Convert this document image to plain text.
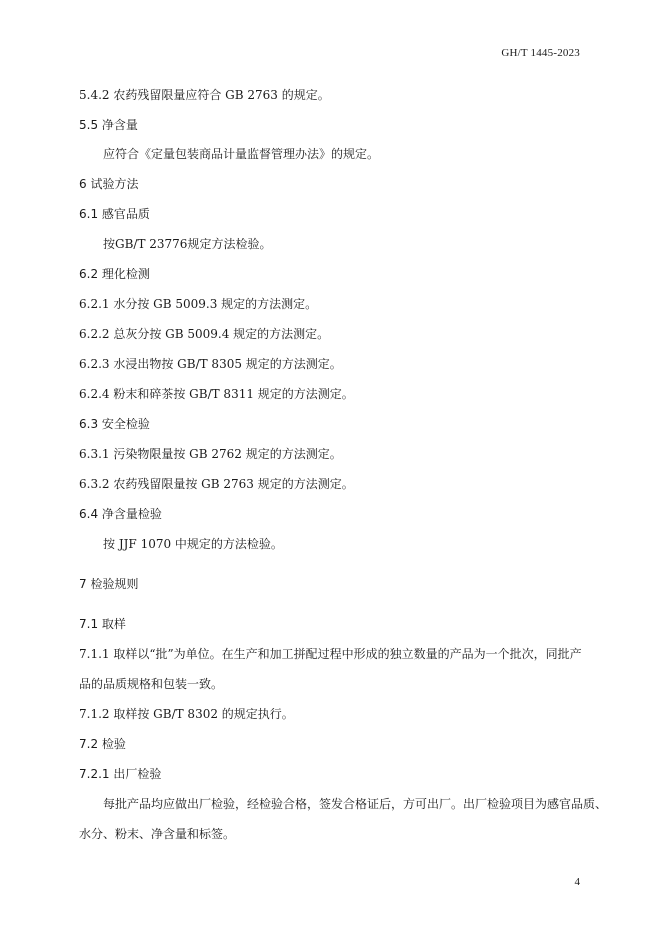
GH/T 1445-2023
5.4.2 农药残留限量应符合 GB 2763 的规定。
5.5 净含量
应符合《定量包装商品计量监督管理办法》的规定。
6 试验方法
6.1 感官品质
按GB/T 23776规定方法检验。
6.2 理化检测
6.2.1 水分按 GB 5009.3 规定的方法测定。
6.2.2 总灰分按 GB 5009.4 规定的方法测定。
6.2.3 水浸出物按 GB/T 8305 规定的方法测定。
6.2.4 粉末和碎茶按 GB/T 8311 规定的方法测定。
6.3 安全检验
6.3.1 污染物限量按 GB 2762 规定的方法测定。
6.3.2 农药残留限量按 GB 2763 规定的方法测定。
6.4 净含量检验
按 JJF 1070 中规定的方法检验。
7 检验规则
7.1 取样
7.1.1 取样以“批”为单位。在生产和加工拼配过程中形成的独立数量的产品为一个批次，同批产
品的品质规格和包装一致。
7.1.2 取样按 GB/T 8302 的规定执行。
7.2 检验
7.2.1 出厂检验
每批产品均应做出厂检验，经检验合格，签发合格证后，方可出厂。出厂检验项目为感官品质、
水分、粉末、净含量和标签。
4
